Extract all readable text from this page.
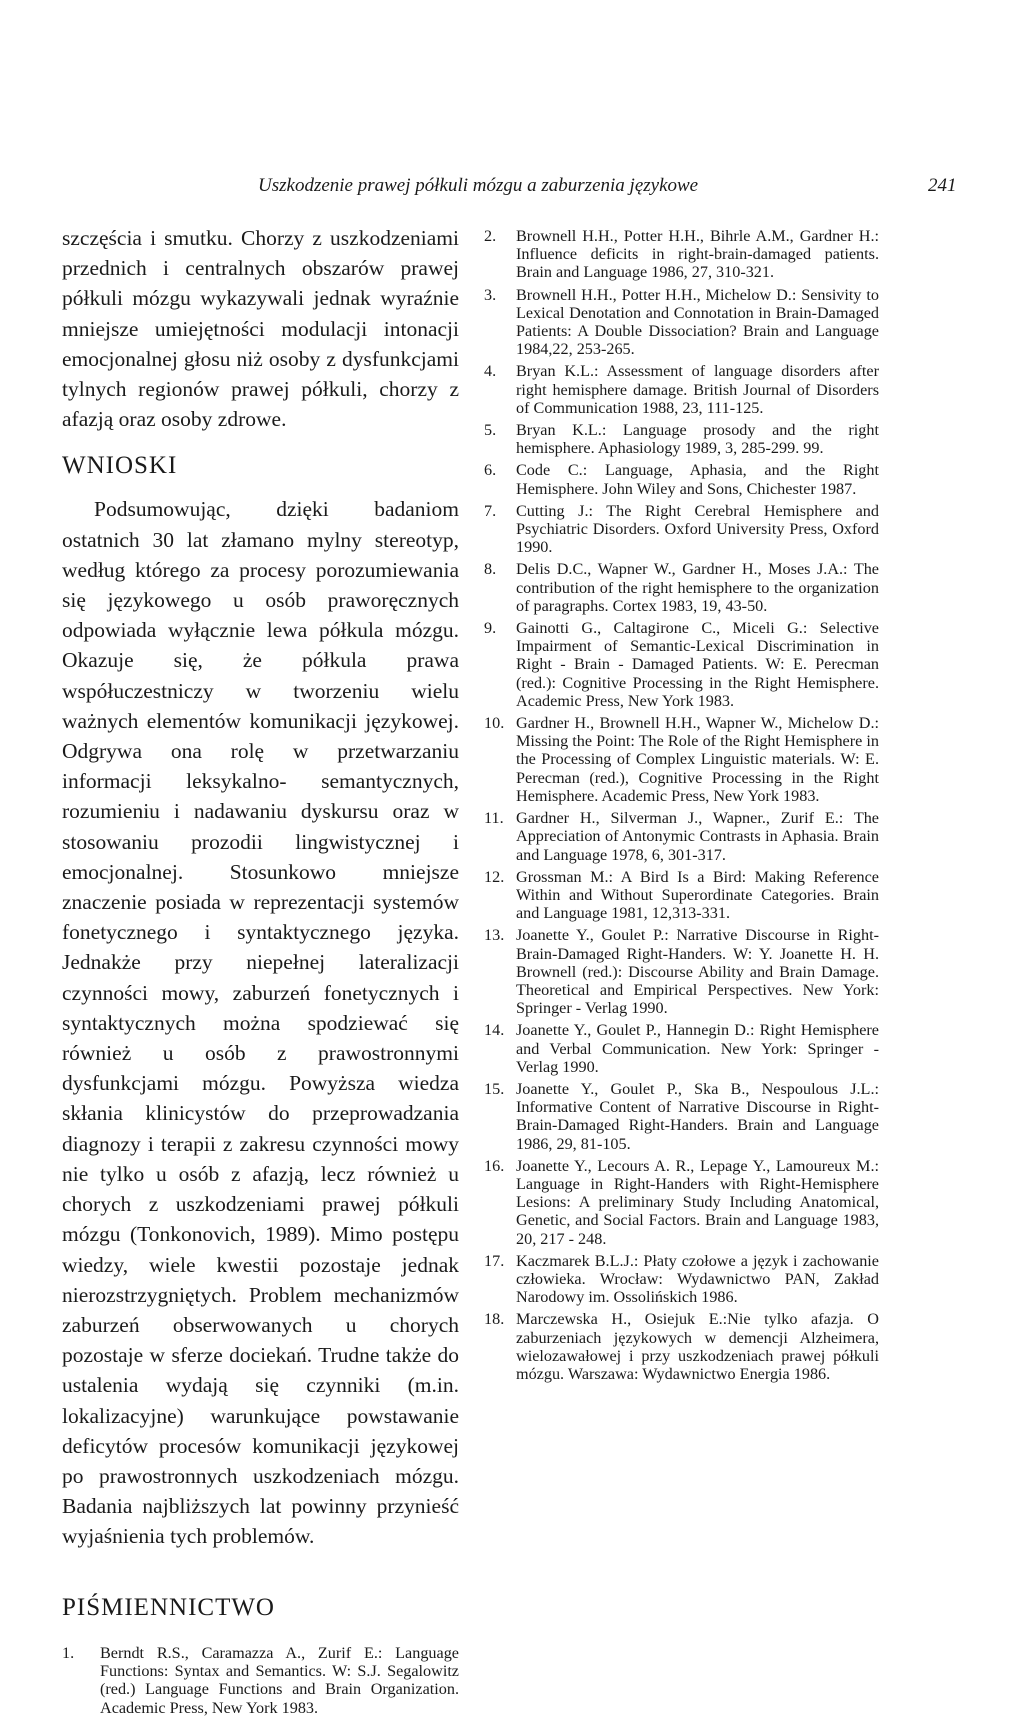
Uszkodzenie prawej półkuli mózgu a zaburzenia językowe	241

szczęścia i smutku. Chorzy z uszkodzeniami przednich i centralnych obszarów prawej półkuli mózgu wykazywali jednak wyraźnie mniejsze umiejętności modulacji intonacji emocjonalnej głosu niż osoby z dysfunkcjami tylnych regionów prawej półkuli, chorzy z afazją oraz osoby zdrowe.

WNIOSKI

Podsumowując, dzięki badaniom ostatnich 30 lat złamano mylny stereotyp, według którego za procesy porozumiewania się językowego u osób praworęcznych odpowiada wyłącznie lewa półkula mózgu. Okazuje się, że półkula prawa współuczestniczy w tworzeniu wielu ważnych elementów komunikacji językowej. Odgrywa ona rolę w przetwarzaniu informacji leksykalno- semantycznych, rozumieniu i nadawaniu dyskursu oraz w stosowaniu prozodii lingwistycznej i emocjonalnej. Stosunkowo mniejsze znaczenie posiada w reprezentacji systemów fonetycznego i syntaktycznego języka. Jednakże przy niepełnej lateralizacji czynności mowy, zaburzeń fonetycznych i syntaktycznych można spodziewać się również u osób z prawostronnymi dysfunkcjami mózgu. Powyższa wiedza skłania klinicystów do przeprowadzania diagnozy i terapii z zakresu czynności mowy nie tylko u osób z afazją, lecz również u chorych z uszkodzeniami prawej półkuli mózgu (Tonkonovich, 1989). Mimo postępu wiedzy, wiele kwestii pozostaje jednak nierozstrzygniętych. Problem mechanizmów zaburzeń obserwowanych u chorych pozostaje w sferze dociekań. Trudne także do ustalenia wydają się czynniki (m.in. lokalizacyjne) warunkujące powstawanie deficytów procesów komunikacji językowej po prawostronnych uszkodzeniach mózgu. Badania najbliższych lat powinny przynieść wyjaśnienia tych problemów.

PIŚMIENNICTWO
1. Berndt R.S., Caramazza A., Zurif E.: Language Functions: Syntax and Semantics. W: S.J. Segalowitz (red.) Language Functions and Brain Organization. Academic Press, New York 1983.
2. Brownell H.H., Potter H.H., Bihrle A.M., Gardner H.: Influence deficits in right-brain-damaged patients. Brain and Language 1986, 27, 310-321.
3. Brownell H.H., Potter H.H., Michelow D.: Sensivity to Lexical Denotation and Connotation in Brain-Damaged Patients: A Double Dissociation? Brain and Language 1984,22, 253-265.
4. Bryan K.L.: Assessment of language disorders after right hemisphere damage. British Journal of Disorders of Communication 1988, 23, 111-125.
5. Bryan K.L.: Language prosody and the right hemisphere. Aphasiology 1989, 3, 285-299. 99.
6. Code C.: Language, Aphasia, and the Right Hemisphere. John Wiley and Sons, Chichester 1987.
7. Cutting J.: The Right Cerebral Hemisphere and Psychiatric Disorders. Oxford University Press, Oxford 1990.
8. Delis D.C., Wapner W., Gardner H., Moses J.A.: The contribution of the right hemisphere to the organization of paragraphs. Cortex 1983, 19, 43-50.
9. Gainotti G., Caltagirone C., Miceli G.: Selective Impairment of Semantic-Lexical Discrimination in Right - Brain - Damaged Patients. W: E. Perecman (red.): Cognitive Processing in the Right Hemisphere. Academic Press, New York 1983.
10. Gardner H., Brownell H.H., Wapner W., Michelow D.: Missing the Point: The Role of the Right Hemisphere in the Processing of Complex Linguistic materials. W: E. Perecman (red.), Cognitive Processing in the Right Hemisphere. Academic Press, New York 1983.
11. Gardner H., Silverman J., Wapner., Zurif E.: The Appreciation of Antonymic Contrasts in Aphasia. Brain and Language 1978, 6, 301-317.
12. Grossman M.: A Bird Is a Bird: Making Reference Within and Without Superordinate Categories. Brain and Language 1981, 12,313-331.
13. Joanette Y., Goulet P.: Narrative Discourse in Right-Brain-Damaged Right-Handers. W: Y. Joanette H. H. Brownell (red.): Discourse Ability and Brain Damage. Theoretical and Empirical Perspectives. New York: Springer - Verlag 1990.
14. Joanette Y., Goulet P., Hannegin D.: Right Hemisphere and Verbal Communication. New York: Springer - Verlag 1990.
15. Joanette Y., Goulet P., Ska B., Nespoulous J.L.: Informative Content of Narrative Discourse in Right-Brain-Damaged Right-Handers. Brain and Language 1986, 29, 81-105.
16. Joanette Y., Lecours A. R., Lepage Y., Lamoureux M.: Language in Right-Handers with Right-Hemisphere Lesions: A preliminary Study Including Anatomical, Genetic, and Social Factors. Brain and Language 1983, 20, 217 - 248.
17. Kaczmarek B.L.J.: Płaty czołowe a język i zachowanie człowieka. Wrocław: Wydawnictwo PAN, Zakład Narodowy im. Ossolińskich 1986.
18. Marczewska H., Osiejuk E.:Nie tylko afazja. O zaburzeniach językowych w demencji Alzheimera, wielozawałowej i przy uszkodzeniach prawej półkuli mózgu. Warszawa: Wydawnictwo Energia 1986.
